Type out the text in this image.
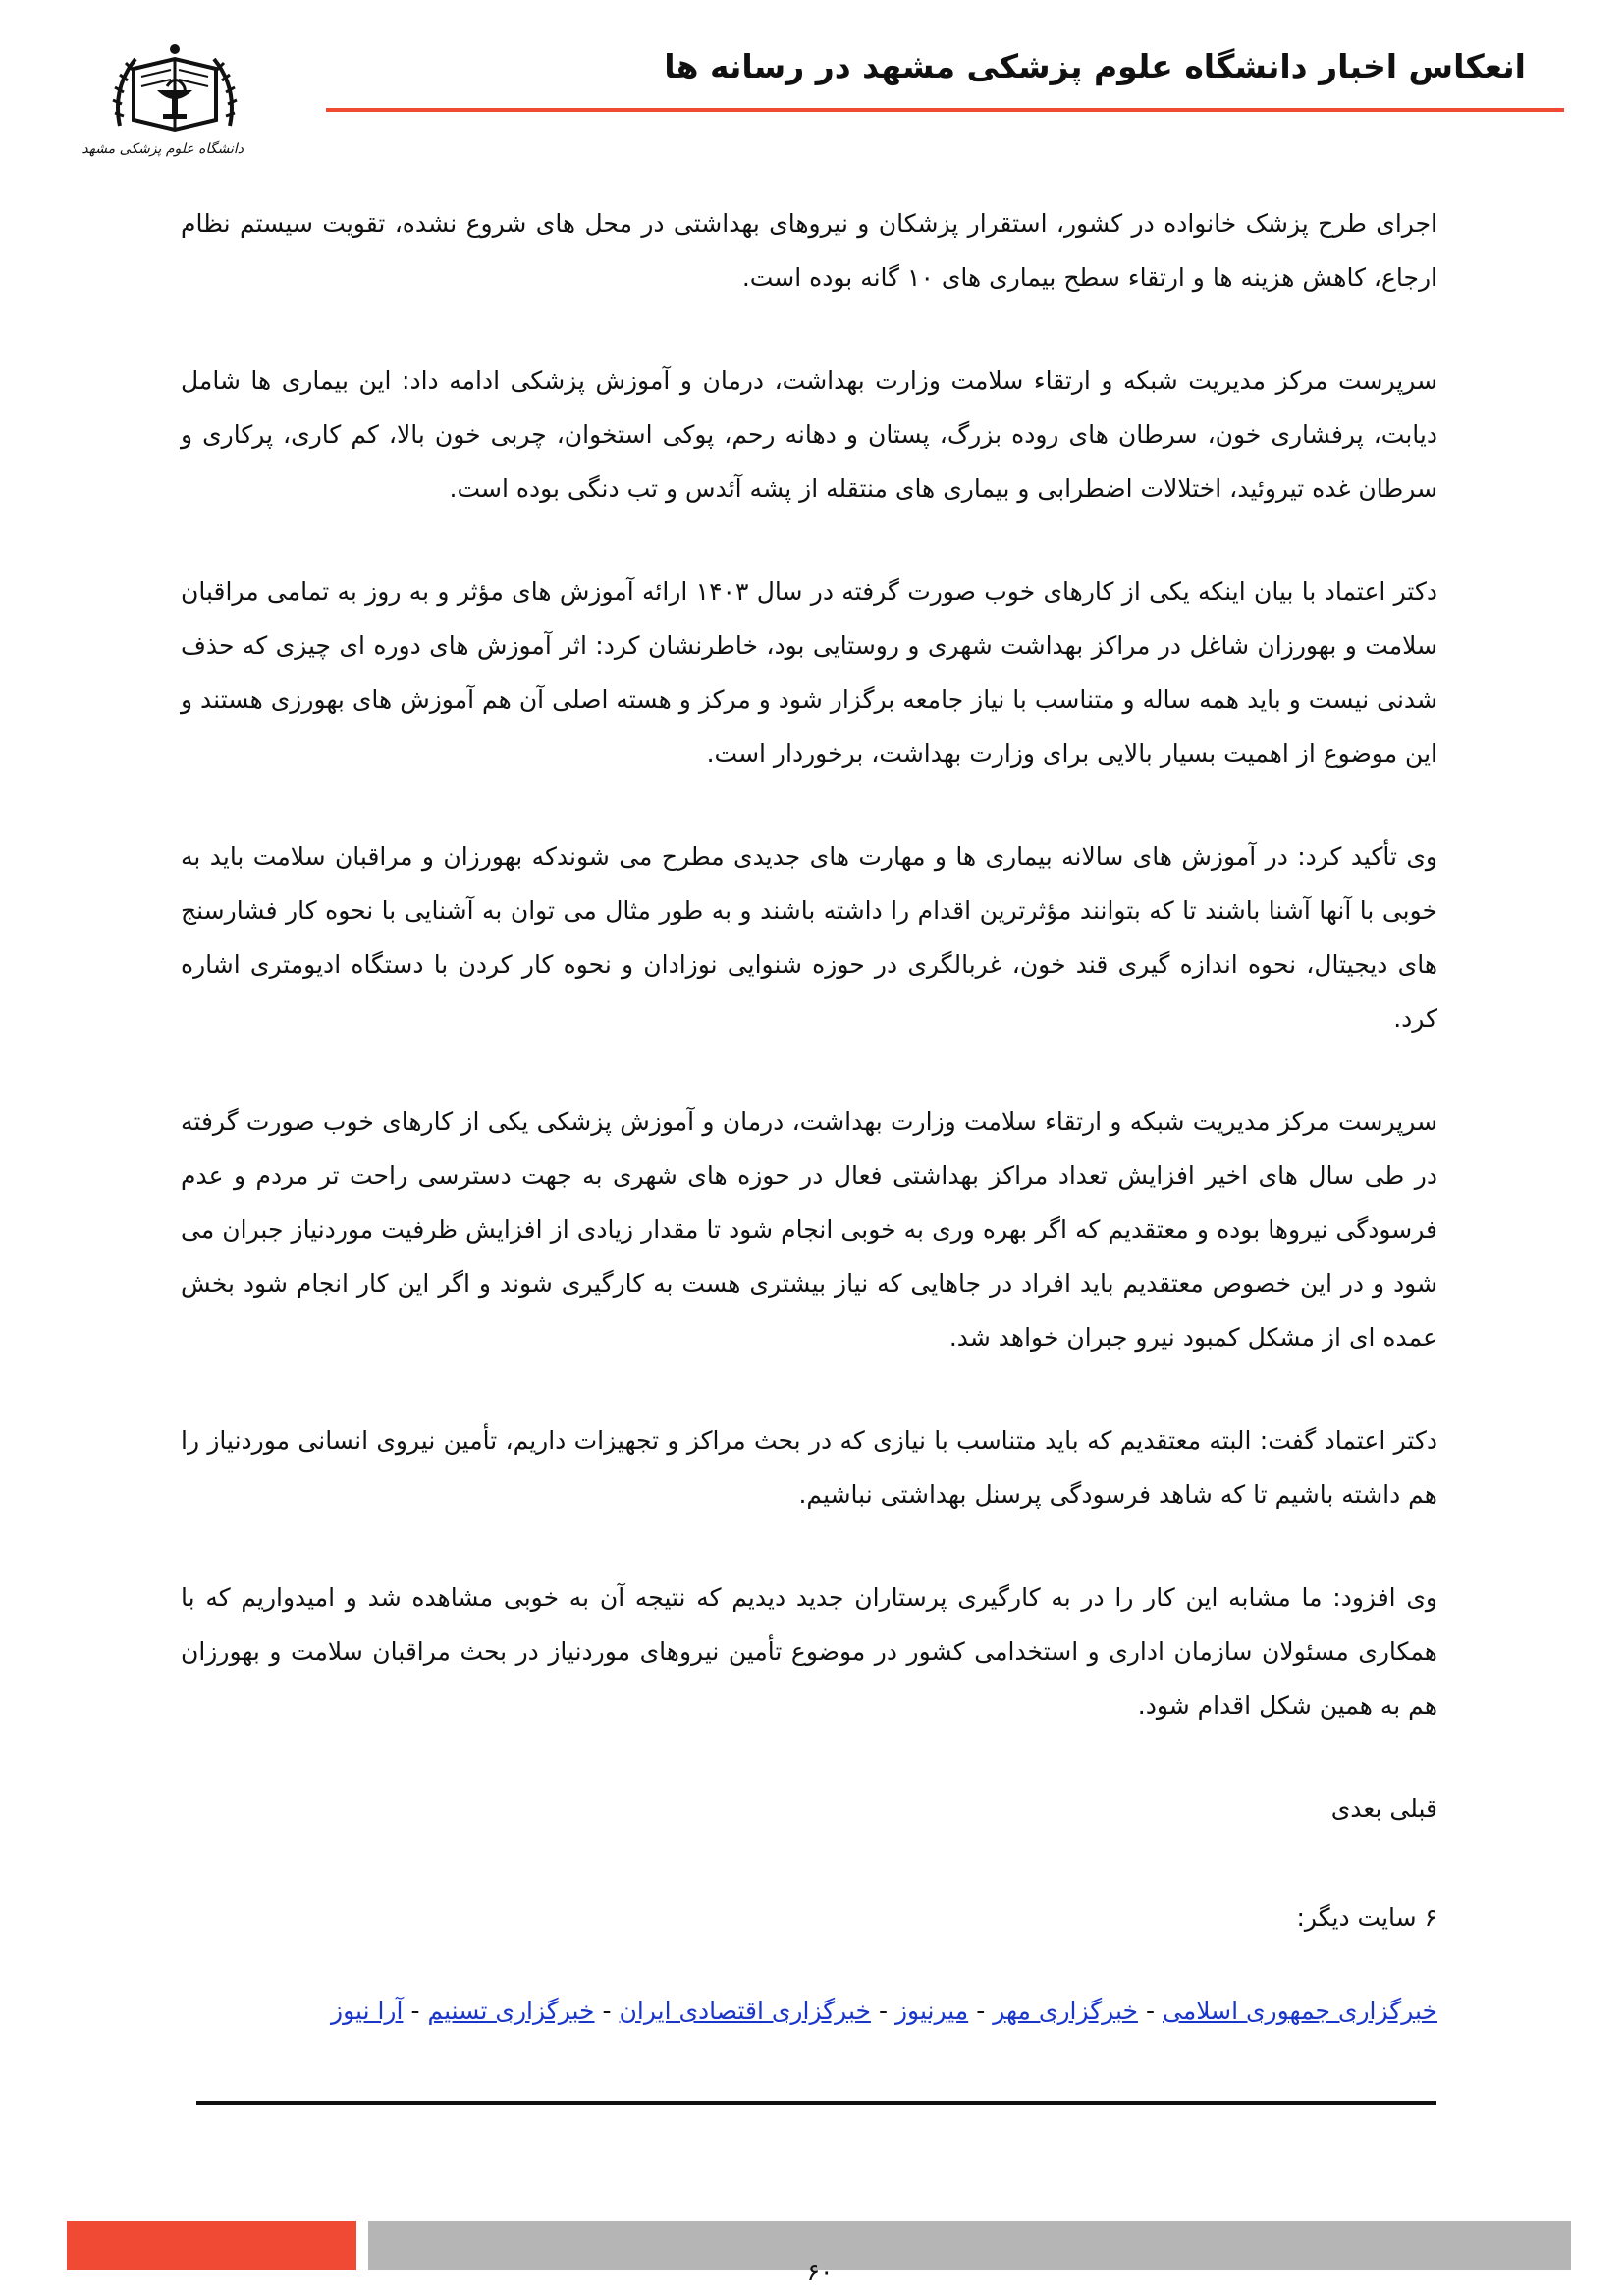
انعکاس اخبار دانشگاه علوم پزشکی مشهد در رسانه ها
دانشگاه علوم پزشکی مشهد

اجرای طرح پزشک خانواده در کشور، استقرار پزشکان و نیروهای بهداشتی در محل های شروع نشده، تقویت سیستم نظام ارجاع، کاهش هزینه ها و ارتقاء سطح بیماری های ۱۰ گانه بوده است.

سرپرست مرکز مدیریت شبکه و ارتقاء سلامت وزارت بهداشت، درمان و آموزش پزشکی ادامه داد: این بیماری ها شامل دیابت، پرفشاری خون، سرطان های روده بزرگ، پستان و دهانه رحم، پوکی استخوان، چربی خون بالا، کم کاری، پرکاری و سرطان غده تیروئید، اختلالات اضطرابی و بیماری های منتقله از پشه آئدس و تب دنگی بوده است.

دکتر اعتماد با بیان اینکه یکی از کارهای خوب صورت گرفته در سال ۱۴۰۳ ارائه آموزش های مؤثر و به روز به تمامی مراقبان سلامت و بهورزان شاغل در مراکز بهداشت شهری و روستایی بود، خاطرنشان کرد: اثر آموزش های دوره ای چیزی که حذف شدنی نیست و باید همه ساله و متناسب با نیاز جامعه برگزار شود و مرکز و هسته اصلی آن هم آموزش های بهورزی هستند و این موضوع از اهمیت بسیار بالایی برای وزارت بهداشت، برخوردار است.

وی تأکید کرد: در آموزش های سالانه بیماری ها و مهارت های جدیدی مطرح می شوندکه بهورزان و مراقبان سلامت باید به خوبی با آنها آشنا باشند تا که بتوانند مؤثرترین اقدام را داشته باشند و به طور مثال می توان به آشنایی با نحوه کار فشارسنج های دیجیتال، نحوه اندازه گیری قند خون، غربالگری در حوزه شنوایی نوزادان و نحوه کار کردن با دستگاه ادیومتری اشاره کرد.

سرپرست مرکز مدیریت شبکه و ارتقاء سلامت وزارت بهداشت، درمان و آموزش پزشکی یکی از کارهای خوب صورت گرفته در طی سال های اخیر افزایش تعداد مراکز بهداشتی فعال در حوزه های شهری به جهت دسترسی راحت تر مردم و عدم فرسودگی نیروها بوده و معتقدیم که اگر بهره وری به خوبی انجام شود تا مقدار زیادی از افزایش ظرفیت موردنیاز جبران می شود و در این خصوص معتقدیم باید افراد در جاهایی که نیاز بیشتری هست به کارگیری شوند و اگر این کار انجام شود بخش عمده ای از مشکل کمبود نیرو جبران خواهد شد.

دکتر اعتماد گفت: البته معتقدیم که باید متناسب با نیازی که در بحث مراکز و تجهیزات داریم، تأمین نیروی انسانی موردنیاز را هم داشته باشیم تا که شاهد فرسودگی پرسنل بهداشتی نباشیم.

وی افزود: ما مشابه این کار را در به کارگیری پرستاران جدید دیدیم که نتیجه آن به خوبی مشاهده شد و امیدواریم که با همکاری مسئولان سازمان اداری و استخدامی کشور در موضوع تأمین نیروهای موردنیاز در بحث مراقبان سلامت و بهورزان هم به همین شکل اقدام شود.

قبلی بعدی
۶ سایت دیگر:
خبرگزاری جمهوری اسلامی-خبرگزاری مهر-میرنیوز-خبرگزاری اقتصادی ایران-خبرگزاری تسنیم-آرا نیوز
۶۰
